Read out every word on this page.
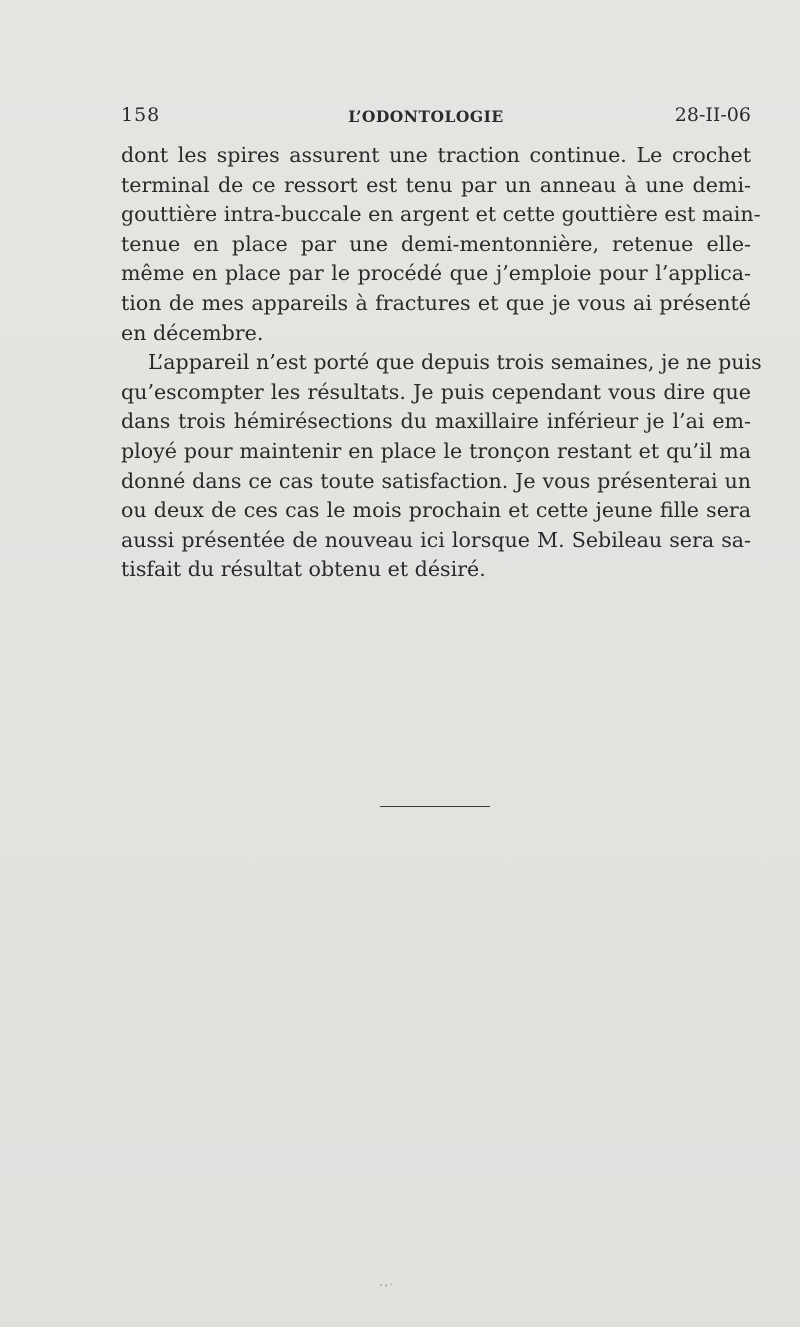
158	L’ODONTOLOGIE	28-II-06
dont les spires assurent une traction continue. Le crochet
terminal de ce ressort est tenu par un anneau à une demi-
gouttière intra-buccale en argent et cette gouttière est main-
tenue en place par une demi-mentonnière, retenue elle-
même en place par le procédé que j’emploie pour l’applica-
tion de mes appareils à fractures et que je vous ai présenté
en décembre.
L’appareil n’est porté que depuis trois semaines, je ne puis
qu’escompter les résultats. Je puis cependant vous dire que
dans trois hémirésections du maxillaire inférieur je l’ai em-
ployé pour maintenir en place le tronçon restant et qu’il ma
donné dans ce cas toute satisfaction. Je vous présenterai un
ou deux de ces cas le mois prochain et cette jeune fille sera
aussi présentée de nouveau ici lorsque M. Sebileau sera sa-
tisfait du résultat obtenu et désiré.
